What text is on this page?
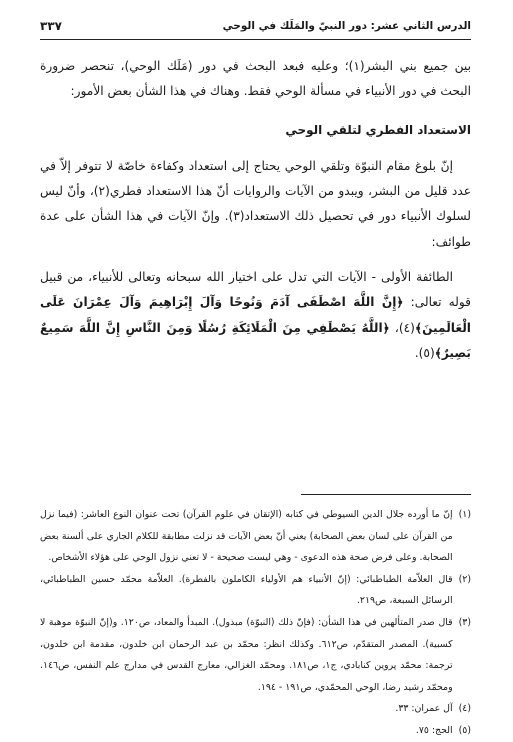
الدرس الثاني عشر: دور النبيّ والمَلَك في الوحي
٣٣٧

بين جميع بني البشر(١)؛ وعليه فبعد البحث في دور (مَلَك الوحي)، تنحصر ضرورة البحث في دور الأنبياء في مسألة الوحي فقط. وهناك في هذا الشأن بعض الأمور:

الاستعداد الفطري لتلقي الوحي

إنّ بلوغ مقام النبوّة وتلقي الوحي يحتاج إلى استعداد وكفاءة خاصّة لا تتوفر إلاّ في عدد قليل من البشر، ويبدو من الآيات والروايات أنّ هذا الاستعداد فطري(٢)، وأنّ ليس لسلوك الأنبياء دور في تحصيل ذلك الاستعداد(٣). وإنّ الآيات في هذا الشأن على عدة طوائف:

الطائفة الأولى - الآيات التي تدل على اختيار الله سبحانه وتعالى للأنبياء، من قبيل قوله تعالى: ﴿إِنَّ اللَّهَ اصْطَفَى آدَمَ وَنُوحًا وَآلَ إِبْرَاهِيمَ وَآلَ عِمْرَانَ عَلَى الْعَالَمِينَ﴾(٤)، ﴿اللَّهُ يَصْطَفِي مِنَ الْمَلَائِكَةِ رُسُلًا وَمِنَ النَّاسِ إِنَّ اللَّهَ سَمِيعٌ بَصِيرٌ﴾(٥).

(١)
إنّ ما أورده جلال الدين السيوطي في كتابه (الإتقان في علوم القرآن) تحت عنوان النوع العاشر: (فيما نزل من القرآن على لسان بعض الصحابة) يعني أنّ بعض الآيات قد نزلت مطابقة للكلام الجاري على ألسنة بعض الصحابة. وعلى فرض صحة هذه الدعوى - وهي ليست صحيحة - لا تعني نزول الوحي على هؤلاء الأشخاص.
(٢)
قال العلاّمة الطباطبائي: (إنّ الأنبياء هم الأولياء الكاملون بالفطرة). العلاّمة محمّد حسين الطباطبائي، الرسائل السبعة، ص٢١٩.
(٣)
قال صدر المتألهين في هذا الشأن: (فإنّ ذلك (النبوّة) مبذول). المبدأ والمعاد، ص١٢٠. و(إنّ النبوّة موهبة لا كسبية). المصدر المتقدّم، ص٦١٢. وكذلك انظر: محمّد بن عبد الرحمان ابن خلدون، مقدمة ابن خلدون، ترجمة: محمّد پروين كنابادي، ج١، ص١٨١. ومحمّد الغزالي، معارج القدس في مدارج علم النفس، ص١٤٦. ومحمّد رشيد رضا، الوحي المحمّدي، ص١٩١ - ١٩٤.
(٤)
آل عمران: ٣٣.
(٥)
الحج: ٧٥.
